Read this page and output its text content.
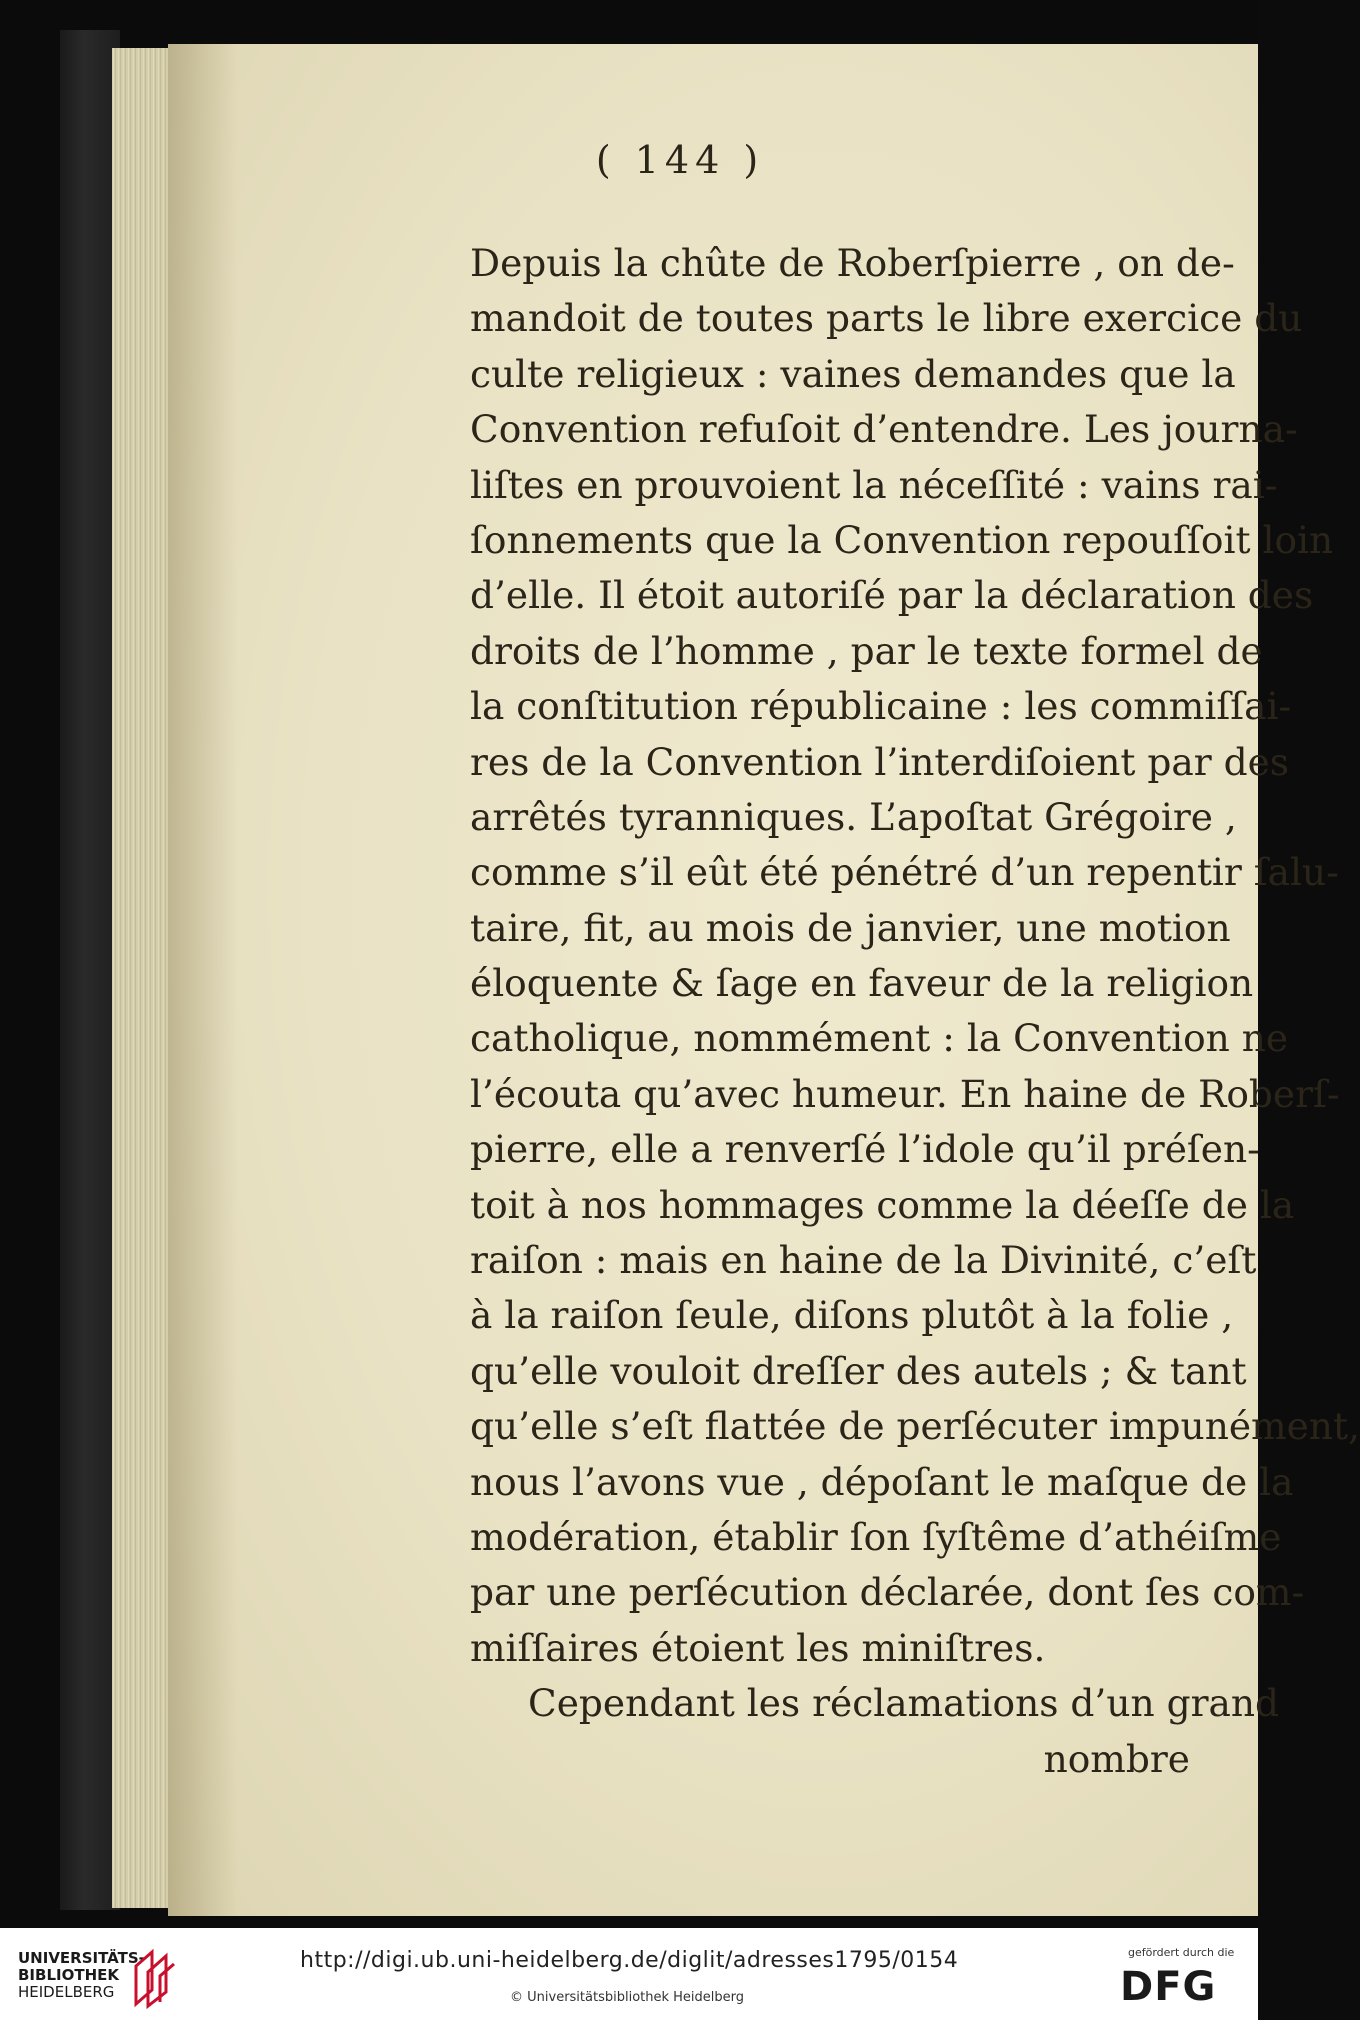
( 144 )
Depuis la chûte de Roberſpierre , on de-
mandoit de toutes parts le libre exercice du
culte religieux : vaines demandes que la
Convention refuſoit d’entendre. Les journa-
liſtes en prouvoient la néceſſité : vains rai-
ſonnements que la Convention repouſſoit loin
d’elle. Il étoit autoriſé par la déclaration des
droits de l’homme , par le texte formel de
la conſtitution républicaine : les commiſſai-
res de la Convention l’interdiſoient par des
arrêtés tyranniques. L’apoſtat Grégoire ,
comme s’il eût été pénétré d’un repentir ſalu-
taire, fit, au mois de janvier, une motion
éloquente & ſage en faveur de la religion
catholique, nommément : la Convention ne
l’écouta qu’avec humeur. En haine de Roberſ-
pierre, elle a renverſé l’idole qu’il préſen-
toit à nos hommages comme la déeſſe de la
raiſon : mais en haine de la Divinité, c’eſt
à la raiſon ſeule, diſons plutôt à la folie ,
qu’elle vouloit dreſſer des autels ; & tant
qu’elle s’eſt flattée de perſécuter impunément,
nous l’avons vue , dépoſant le maſque de la
modération, établir ſon ſyſtême d’athéiſme
par une perſécution déclarée, dont ſes com-
miſſaires étoient les miniſtres.
Cependant les réclamations d’un grand
nombre
UNIVERSITÄTS-
BIBLIOTHEK
HEIDELBERG
http://digi.ub.uni-heidelberg.de/diglit/adresses1795/0154
© Universitätsbibliothek Heidelberg
gefördert durch die
DFG
